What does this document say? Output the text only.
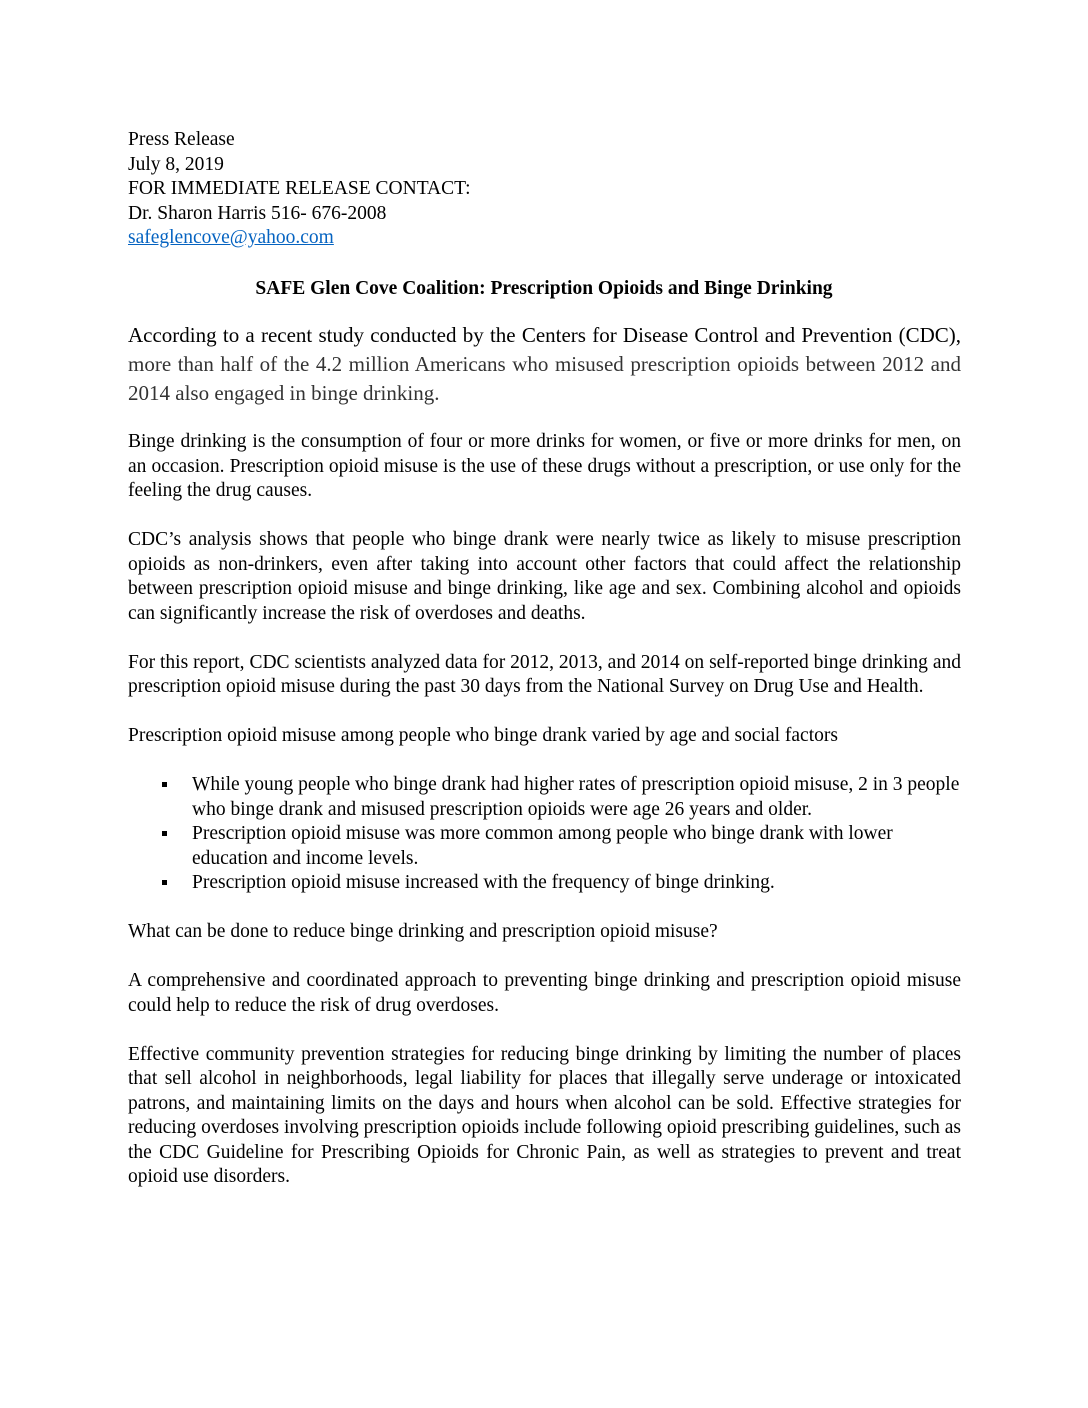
Press Release
July 8, 2019
FOR IMMEDIATE RELEASE CONTACT:
Dr. Sharon Harris 516- 676-2008
safeglencove@yahoo.com
SAFE Glen Cove Coalition: Prescription Opioids and Binge Drinking

According to a recent study conducted by the Centers for Disease Control and Prevention (CDC), more than half of the 4.2 million Americans who misused prescription opioids between 2012 and 2014 also engaged in binge drinking.

Binge drinking is the consumption of four or more drinks for women, or five or more drinks for men, on an occasion. Prescription opioid misuse is the use of these drugs without a prescription, or use only for the feeling the drug causes.

CDC’s analysis shows that people who binge drank were nearly twice as likely to misuse prescription opioids as non-drinkers, even after taking into account other factors that could affect the relationship between prescription opioid misuse and binge drinking, like age and sex. Combining alcohol and opioids can significantly increase the risk of overdoses and deaths.

For this report, CDC scientists analyzed data for 2012, 2013, and 2014 on self-reported binge drinking and prescription opioid misuse during the past 30 days from the National Survey on Drug Use and Health.

Prescription opioid misuse among people who binge drank varied by age and social factors

While young people who binge drank had higher rates of prescription opioid misuse, 2 in 3 people who binge drank and misused prescription opioids were age 26 years and older.
Prescription opioid misuse was more common among people who binge drank with lower education and income levels.
Prescription opioid misuse increased with the frequency of binge drinking.

What can be done to reduce binge drinking and prescription opioid misuse?

A comprehensive and coordinated approach to preventing binge drinking and prescription opioid misuse could help to reduce the risk of drug overdoses.

Effective community prevention strategies for reducing binge drinking by limiting the number of places that sell alcohol in neighborhoods, legal liability for places that illegally serve underage or intoxicated patrons, and maintaining limits on the days and hours when alcohol can be sold. Effective strategies for reducing overdoses involving prescription opioids include following opioid prescribing guidelines, such as the CDC Guideline for Prescribing Opioids for Chronic Pain, as well as strategies to prevent and treat opioid use disorders.
